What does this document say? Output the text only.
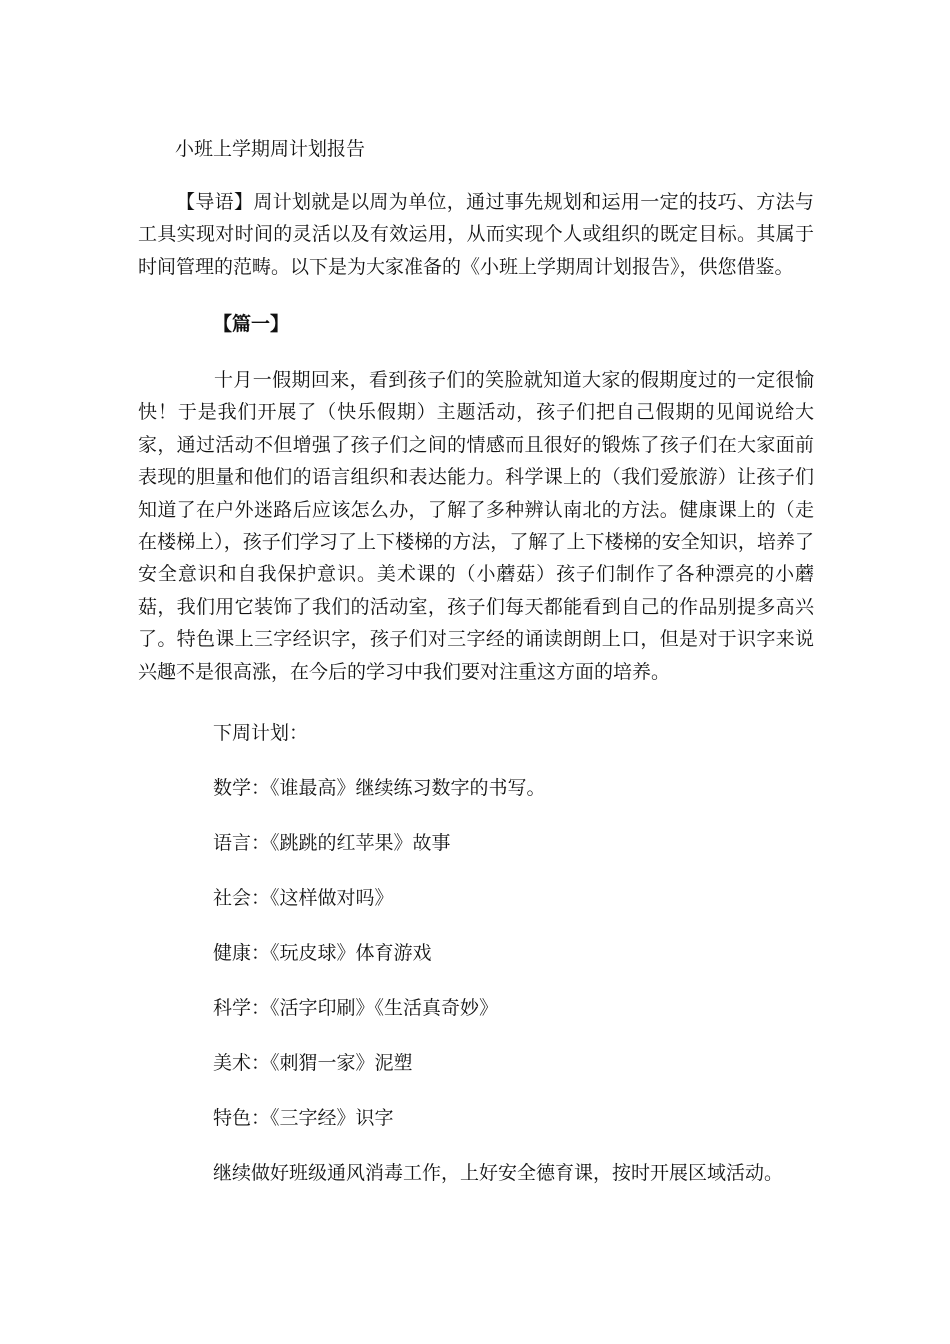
小班上学期周计划报告

【导语】周计划就是以周为单位，通过事先规划和运用一定的技巧、方法与工具实现对时间的灵活以及有效运用，从而实现个人或组织的既定目标。其属于时间管理的范畴。以下是为大家准备的《小班上学期周计划报告》，供您借鉴。

【篇一】

十月一假期回来，看到孩子们的笑脸就知道大家的假期度过的一定很愉快！于是我们开展了（快乐假期）主题活动，孩子们把自己假期的见闻说给大家，通过活动不但增强了孩子们之间的情感而且很好的锻炼了孩子们在大家面前表现的胆量和他们的语言组织和表达能力。科学课上的（我们爱旅游）让孩子们知道了在户外迷路后应该怎么办，了解了多种辨认南北的方法。健康课上的（走在楼梯上），孩子们学习了上下楼梯的方法，了解了上下楼梯的安全知识，培养了安全意识和自我保护意识。美术课的（小蘑菇）孩子们制作了各种漂亮的小蘑菇，我们用它装饰了我们的活动室，孩子们每天都能看到自己的作品别提多高兴了。特色课上三字经识字，孩子们对三字经的诵读朗朗上口，但是对于识字来说兴趣不是很高涨，在今后的学习中我们要对注重这方面的培养。

下周计划：

数学：《谁最高》继续练习数字的书写。

语言：《跳跳的红苹果》故事

社会：《这样做对吗》

健康：《玩皮球》体育游戏

科学：《活字印刷》《生活真奇妙》

美术：《刺猬一家》泥塑

特色：《三字经》识字

继续做好班级通风消毒工作，上好安全德育课，按时开展区域活动。
